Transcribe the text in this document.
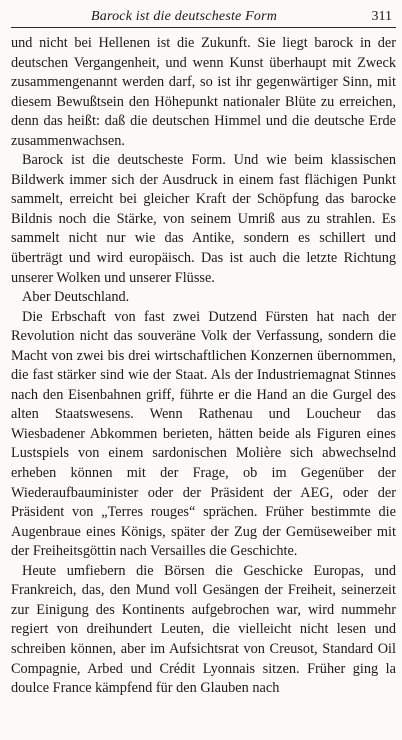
Barock ist die deutscheste Form	311

und nicht bei Hellenen ist die Zukunft. Sie liegt barock in der deutschen Vergangenheit, und wenn Kunst überhaupt mit Zweck zusammengenannt werden darf, so ist ihr gegenwärtiger Sinn, mit diesem Bewußtsein den Höhepunkt nationaler Blüte zu erreichen, denn das heißt: daß die deutschen Himmel und die deutsche Erde zusammenwachsen.

Barock ist die deutscheste Form. Und wie beim klassischen Bildwerk immer sich der Ausdruck in einem fast flächigen Punkt sammelt, erreicht bei gleicher Kraft der Schöpfung das barocke Bildnis noch die Stärke, von seinem Umriß aus zu strahlen. Es sammelt nicht nur wie das Antike, sondern es schillert und überträgt und wird europäisch. Das ist auch die letzte Richtung unserer Wolken und unserer Flüsse.

Aber Deutschland.

Die Erbschaft von fast zwei Dutzend Fürsten hat nach der Revolution nicht das souveräne Volk der Verfassung, sondern die Macht von zwei bis drei wirtschaftlichen Konzernen übernommen, die fast stärker sind wie der Staat. Als der Industriemagnat Stinnes nach den Eisenbahnen griff, führte er die Hand an die Gurgel des alten Staatswesens. Wenn Rathenau und Loucheur das Wiesbadener Abkommen berieten, hätten beide als Figuren eines Lustspiels von einem sardonischen Molière sich abwechselnd erheben können mit der Frage, ob im Gegenüber der Wiederaufbauminister oder der Präsident der AEG, oder der Präsident von „Terres rouges“ sprächen. Früher bestimmte die Augenbraue eines Königs, später der Zug der Gemüseweiber mit der Freiheitsgöttin nach Versailles die Geschichte.

Heute umfiebern die Börsen die Geschicke Europas, und Frankreich, das, den Mund voll Gesängen der Freiheit, seinerzeit zur Einigung des Kontinents aufgebrochen war, wird nummehr regiert von dreihundert Leuten, die vielleicht nicht lesen und schreiben können, aber im Aufsichtsrat von Creusot, Standard Oil Compagnie, Arbed und Crédit Lyonnais sitzen. Früher ging la doulce France kämpfend für den Glauben nach
